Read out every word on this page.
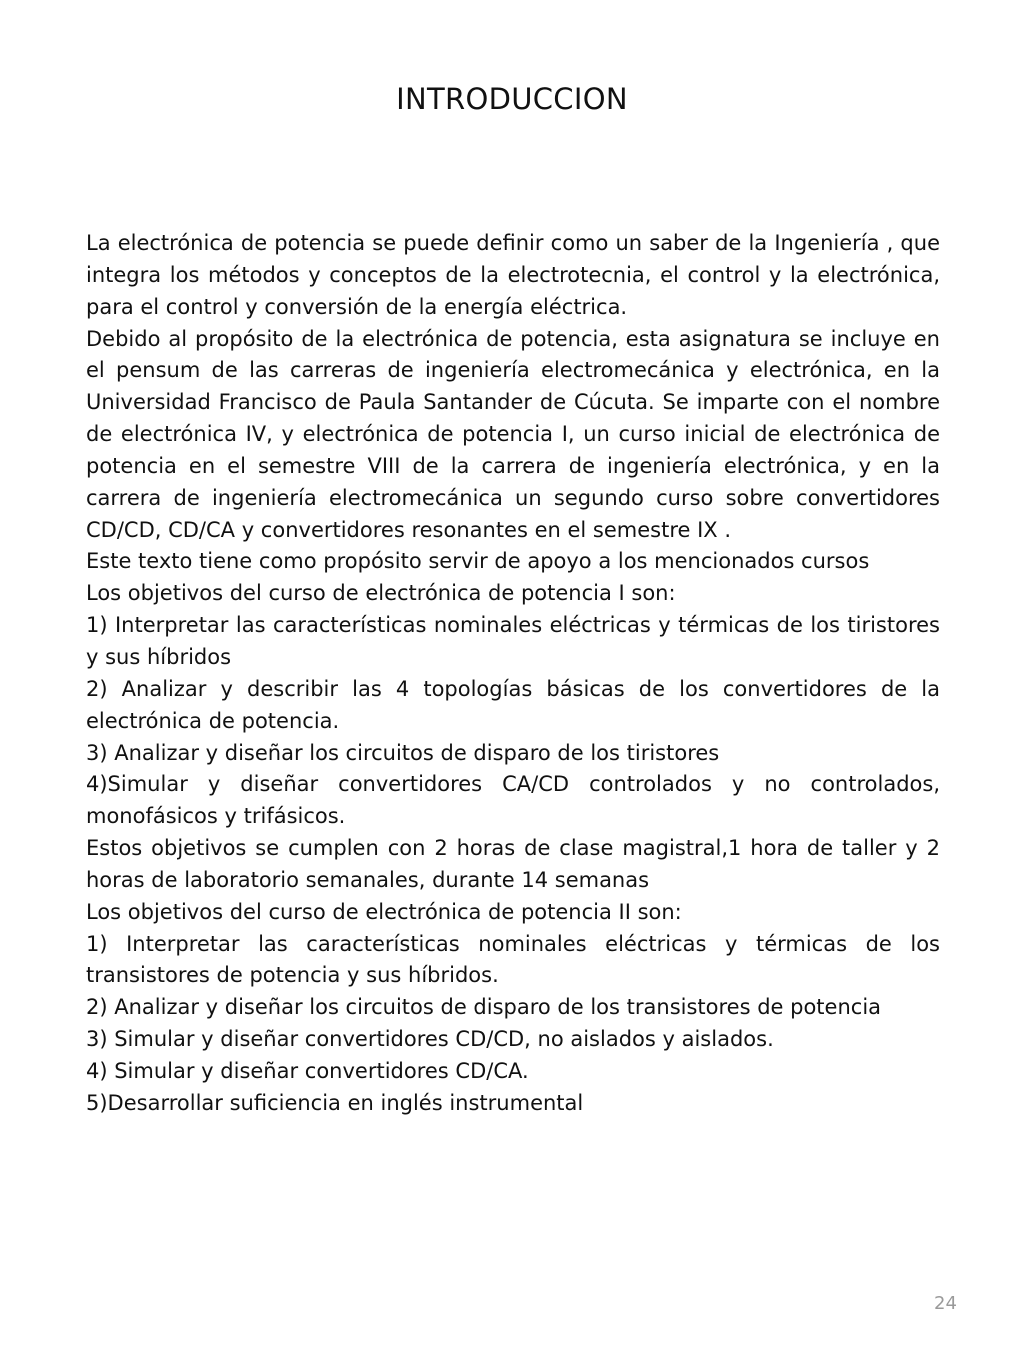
INTRODUCCION

La electrónica de potencia se puede definir como un saber de la Ingeniería , que integra los métodos y conceptos de la electrotecnia, el control y la electrónica, para el control y conversión de la energía eléctrica.

Debido al propósito de la electrónica de potencia, esta asignatura se incluye en el pensum de las carreras de ingeniería electromecánica y electrónica, en la Universidad Francisco de Paula Santander de Cúcuta. Se imparte con el nombre de electrónica IV, y electrónica de potencia I, un curso inicial de electrónica de potencia en el semestre VIII de la carrera de ingeniería electrónica, y en la carrera de ingeniería electromecánica un segundo curso sobre convertidores CD/CD, CD/CA y convertidores resonantes en el semestre IX .

Este texto tiene como propósito servir de apoyo a los mencionados cursos

Los objetivos del curso de electrónica de potencia I son:

1) Interpretar las características nominales eléctricas y térmicas de los tiristores y sus híbridos

2) Analizar y describir las 4 topologías básicas de los convertidores de la electrónica de potencia.

3) Analizar y diseñar los circuitos de disparo de los tiristores

4)Simular y diseñar convertidores CA/CD controlados y no controlados, monofásicos y trifásicos.

Estos objetivos se cumplen con 2 horas de clase magistral,1 hora de taller y 2 horas de laboratorio semanales, durante 14 semanas

Los objetivos del curso de electrónica de potencia II son:

1) Interpretar las características nominales eléctricas y térmicas de los transistores de potencia y sus híbridos.

2) Analizar y diseñar los circuitos de disparo de los transistores de potencia

3) Simular y diseñar convertidores CD/CD, no aislados y aislados.

4) Simular y diseñar convertidores CD/CA.

5)Desarrollar suficiencia en inglés instrumental

24
